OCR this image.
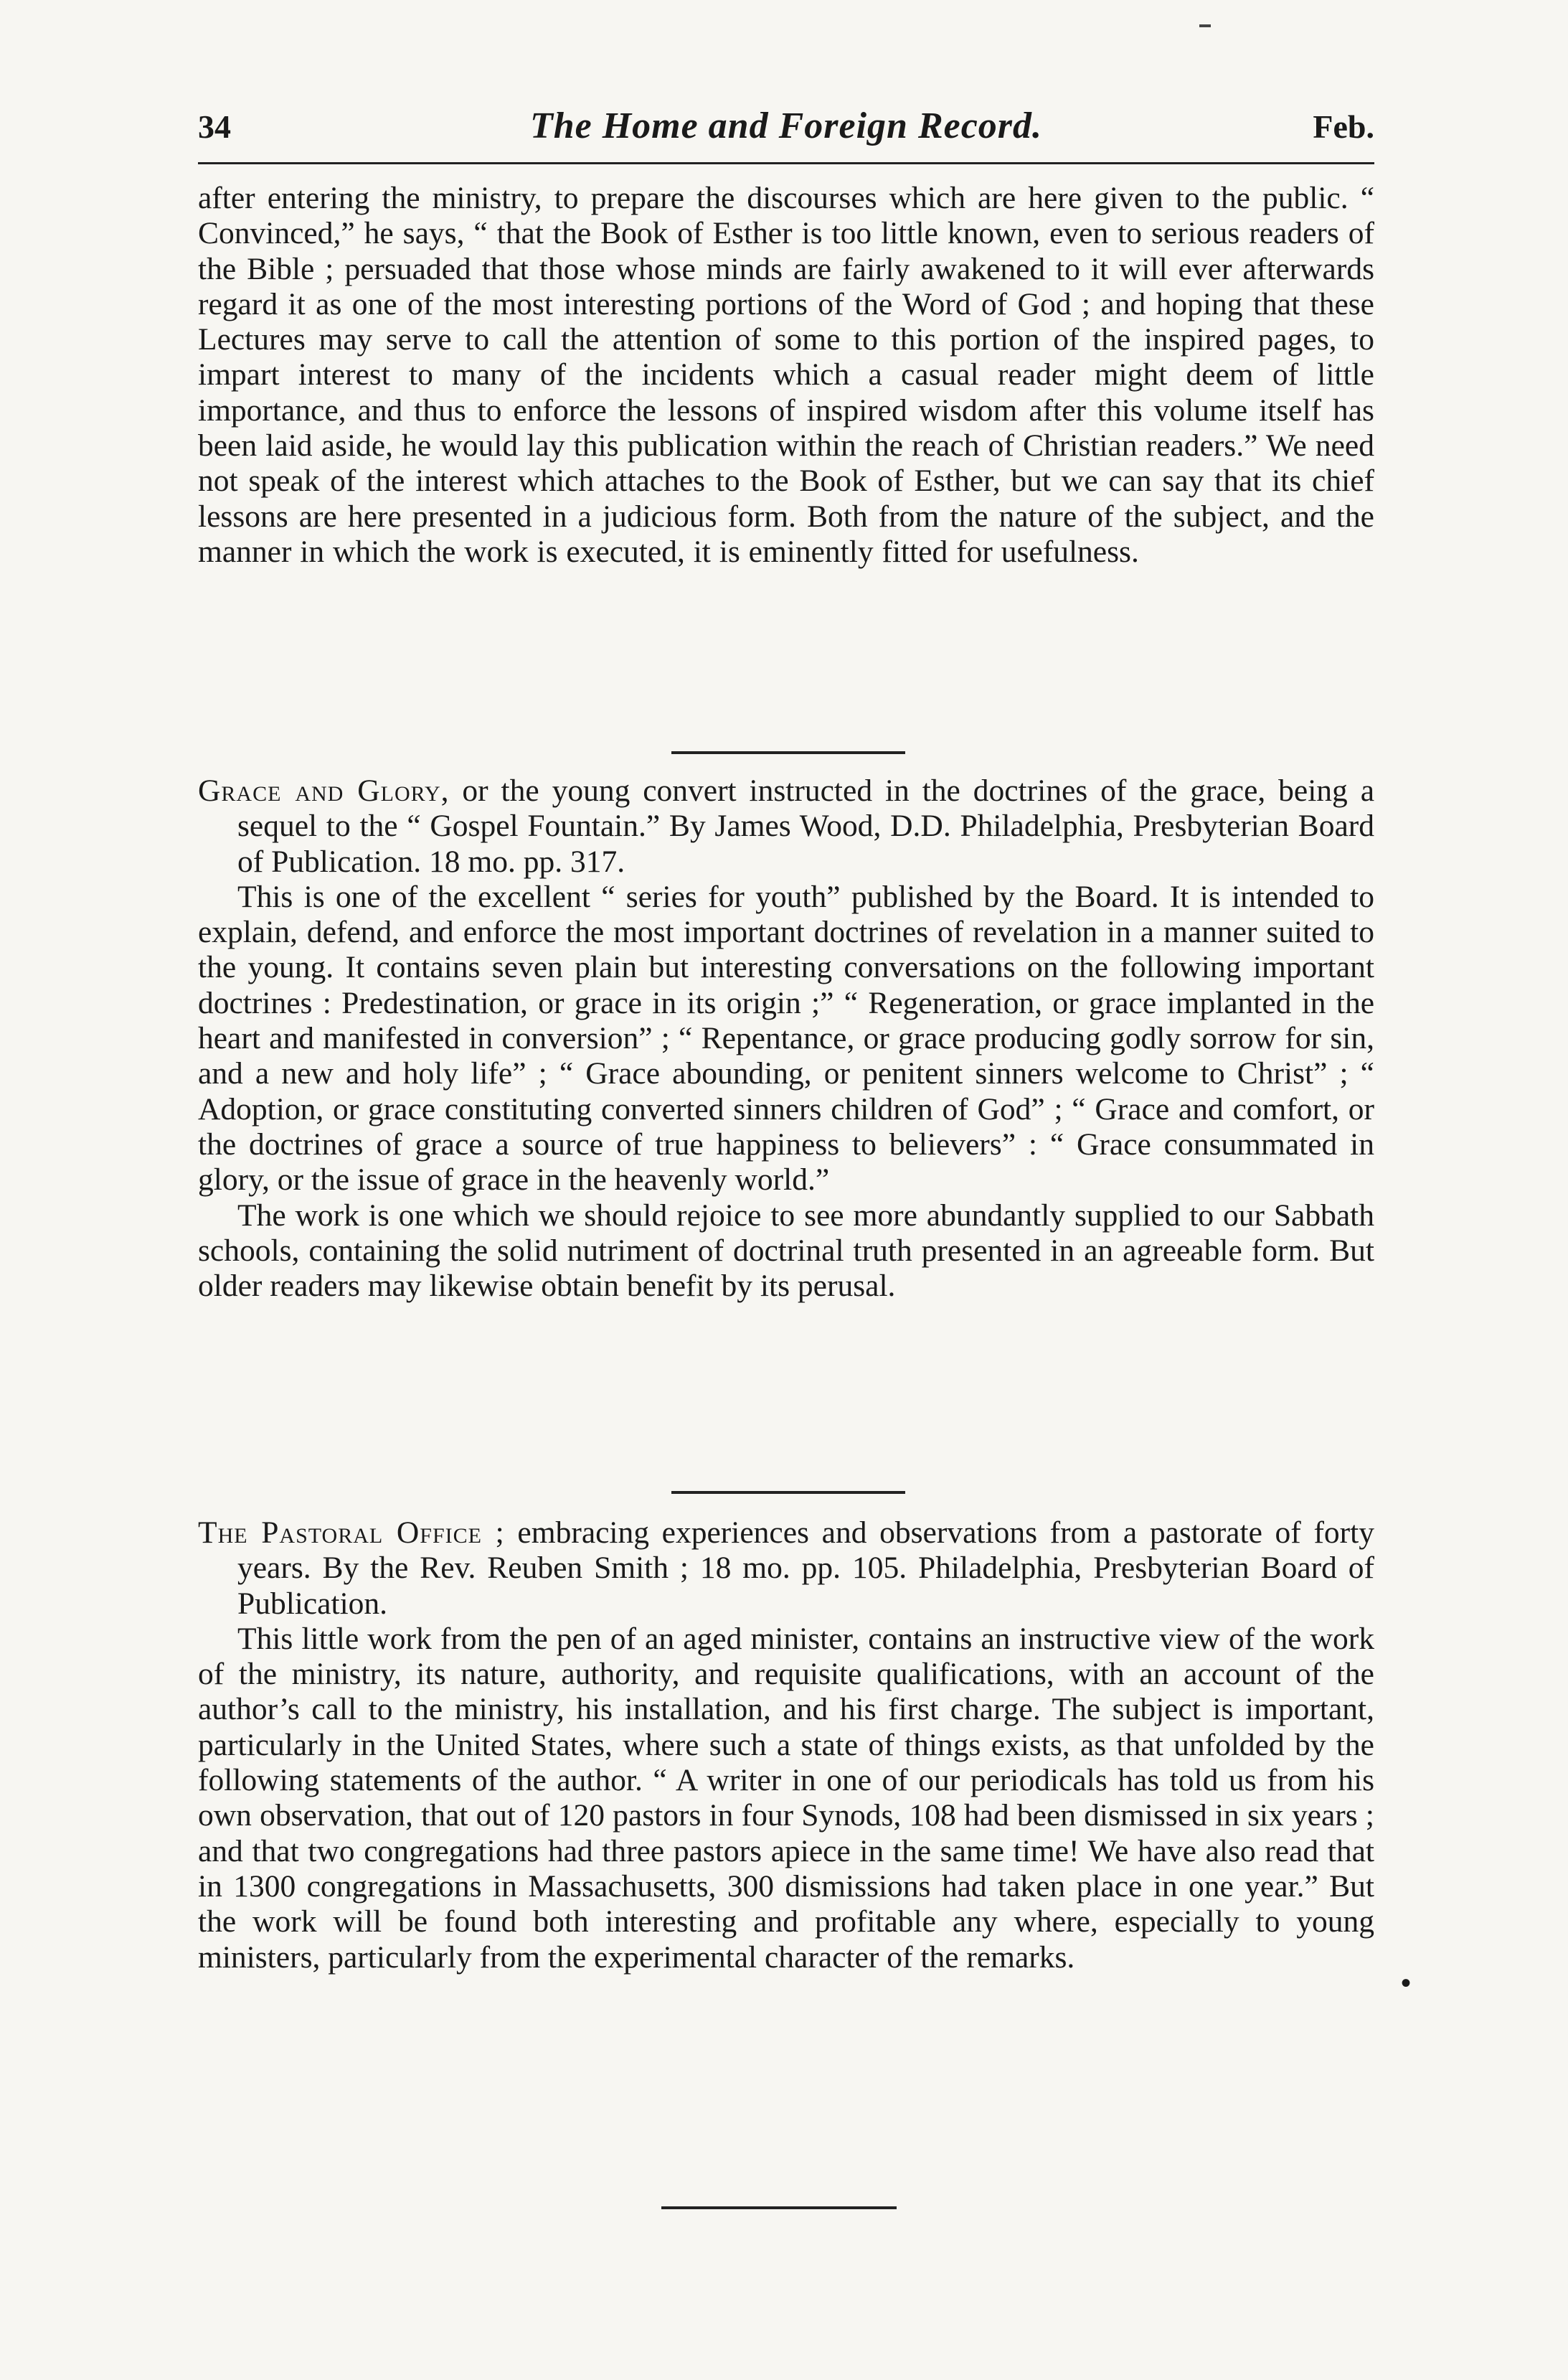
34	The Home and Foreign Record.	Feb.
after entering the ministry, to prepare the discourses which are here given to the public. “ Convinced,” he says, “ that the Book of Esther is too little known, even to serious readers of the Bible ; persuaded that those whose minds are fairly awakened to it will ever afterwards regard it as one of the most interesting portions of the Word of God ; and hoping that these Lectures may serve to call the attention of some to this portion of the inspired pages, to impart interest to many of the incidents which a casual reader might deem of little importance, and thus to enforce the lessons of inspired wisdom after this volume itself has been laid aside, he would lay this publication within the reach of Christian readers.” We need not speak of the interest which attaches to the Book of Esther, but we can say that its chief lessons are here presented in a judicious form. Both from the nature of the subject, and the manner in which the work is executed, it is eminently fitted for usefulness.
Grace and Glory, or the young convert instructed in the doctrines of the grace, being a sequel to the “ Gospel Fountain.” By James Wood, D.D. Philadelphia, Presbyterian Board of Publication. 18 mo. pp. 317.
This is one of the excellent “ series for youth” published by the Board. It is intended to explain, defend, and enforce the most important doctrines of revelation in a manner suited to the young. It contains seven plain but interesting conversations on the following important doctrines : Predestination, or grace in its origin ;” “ Regeneration, or grace implanted in the heart and manifested in conversion” ; “ Repentance, or grace producing godly sorrow for sin, and a new and holy life” ; “ Grace abounding, or penitent sinners welcome to Christ” ; “ Adoption, or grace constituting converted sinners children of God” ; “ Grace and comfort, or the doctrines of grace a source of true happiness to believers” : “ Grace consummated in glory, or the issue of grace in the heavenly world.”
The work is one which we should rejoice to see more abundantly supplied to our Sabbath schools, containing the solid nutriment of doctrinal truth presented in an agreeable form. But older readers may likewise obtain benefit by its perusal.
The Pastoral Office ; embracing experiences and observations from a pastorate of forty years. By the Rev. Reuben Smith ; 18 mo. pp. 105. Philadelphia, Presbyterian Board of Publication.
This little work from the pen of an aged minister, contains an instructive view of the work of the ministry, its nature, authority, and requisite qualifications, with an account of the author’s call to the ministry, his installation, and his first charge. The subject is important, particularly in the United States, where such a state of things exists, as that unfolded by the following statements of the author. “ A writer in one of our periodicals has told us from his own observation, that out of 120 pastors in four Synods, 108 had been dismissed in six years ; and that two congregations had three pastors apiece in the same time! We have also read that in 1300 congregations in Massachusetts, 300 dismissions had taken place in one year.” But the work will be found both interesting and profitable any where, especially to young ministers, particularly from the experimental character of the remarks.
•
